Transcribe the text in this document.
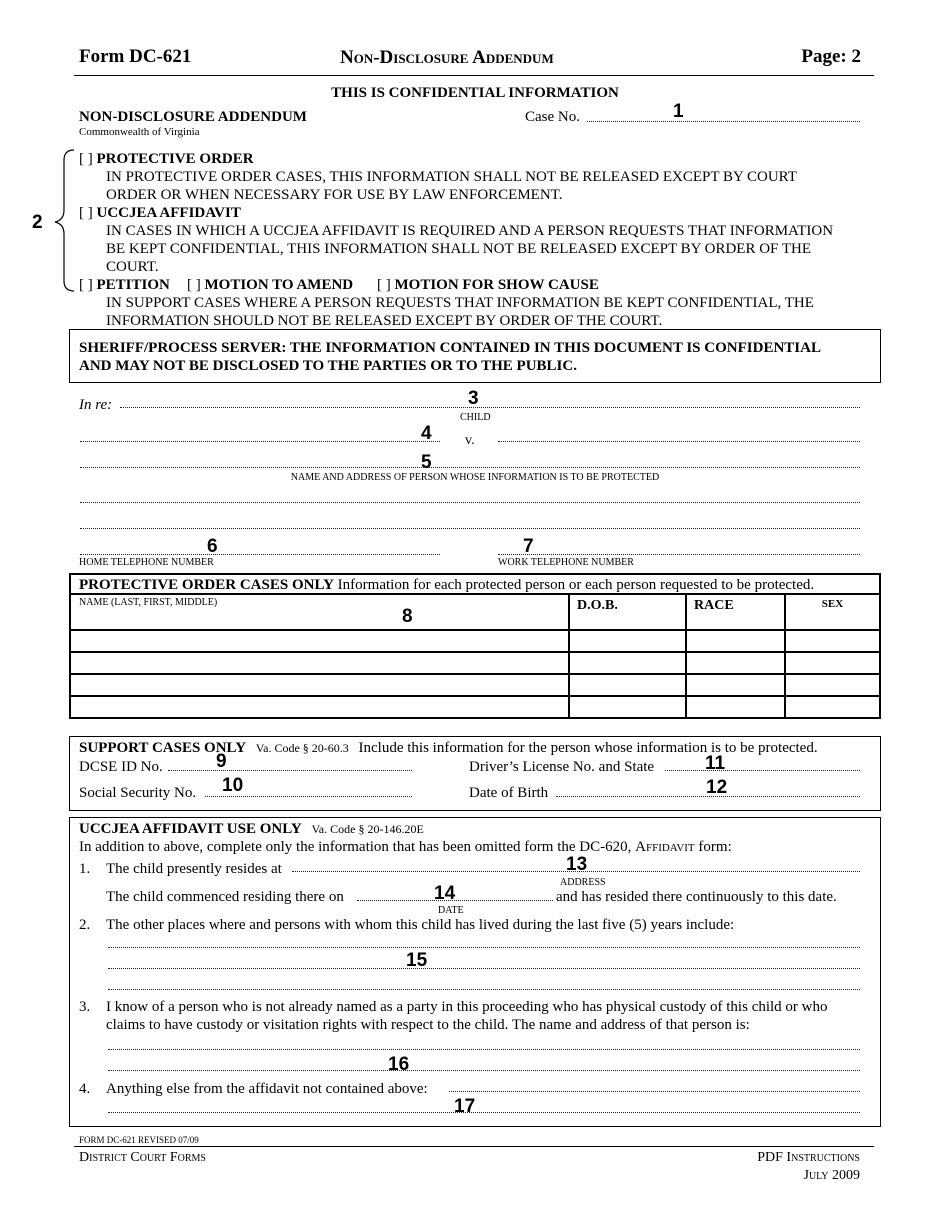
Form DC-621	Non-Disclosure Addendum	Page: 2
THIS IS CONFIDENTIAL INFORMATION
NON-DISCLOSURE ADDENDUM
Commonwealth of Virginia
Case No.	1
2
[ ] PROTECTIVE ORDER
IN PROTECTIVE ORDER CASES, THIS INFORMATION SHALL NOT BE RELEASED EXCEPT BY COURT
ORDER OR WHEN NECESSARY FOR USE BY LAW ENFORCEMENT.
[ ] UCCJEA AFFIDAVIT
IN CASES IN WHICH A UCCJEA AFFIDAVIT IS REQUIRED AND A PERSON REQUESTS THAT INFORMATION
BE KEPT CONFIDENTIAL, THIS INFORMATION SHALL NOT BE RELEASED EXCEPT BY ORDER OF THE
COURT.
[ ] PETITION [ ] MOTION TO AMEND [ ] MOTION FOR SHOW CAUSE
IN SUPPORT CASES WHERE A PERSON REQUESTS THAT INFORMATION BE KEPT CONFIDENTIAL, THE
INFORMATION SHOULD NOT BE RELEASED EXCEPT BY ORDER OF THE COURT.
SHERIFF/PROCESS SERVER: THE INFORMATION CONTAINED IN THIS DOCUMENT IS CONFIDENTIAL
AND MAY NOT BE DISCLOSED TO THE PARTIES OR TO THE PUBLIC.
In re:	3
CHILD
4 v.
5
NAME AND ADDRESS OF PERSON WHOSE INFORMATION IS TO BE PROTECTED
6
HOME TELEPHONE NUMBER
7
WORK TELEPHONE NUMBER
PROTECTIVE ORDER CASES ONLY Information for each protected person or each person requested to be protected.
NAME (LAST, FIRST, MIDDLE)
8	D.O.B.	RACE	SEX

SUPPORT CASES ONLY Va. Code § 20-60.3 Include this information for the person whose information is to be protected.
DCSE ID No.	9	Driver’s License No. and State	11
Social Security No. 10	Date of Birth	12
UCCJEA AFFIDAVIT USE ONLY Va. Code § 20-146.20E
In addition to above, complete only the information that has been omitted form the DC-620, Affidavit form:
1. The child presently resides at	13
ADDRESS
The child commenced residing there on	14
DATE
and has resided there continuously to this date.
2. The other places where and persons with whom this child has lived during the last five (5) years include:
15
3. I know of a person who is not already named as a party in this proceeding who has physical custody of this child or who
claims to have custody or visitation rights with respect to the child. The name and address of that person is:
16
4. Anything else from the affidavit not contained above:
17
FORM DC-621 REVISED 07/09
District Court Forms	PDF Instructions
July 2009
